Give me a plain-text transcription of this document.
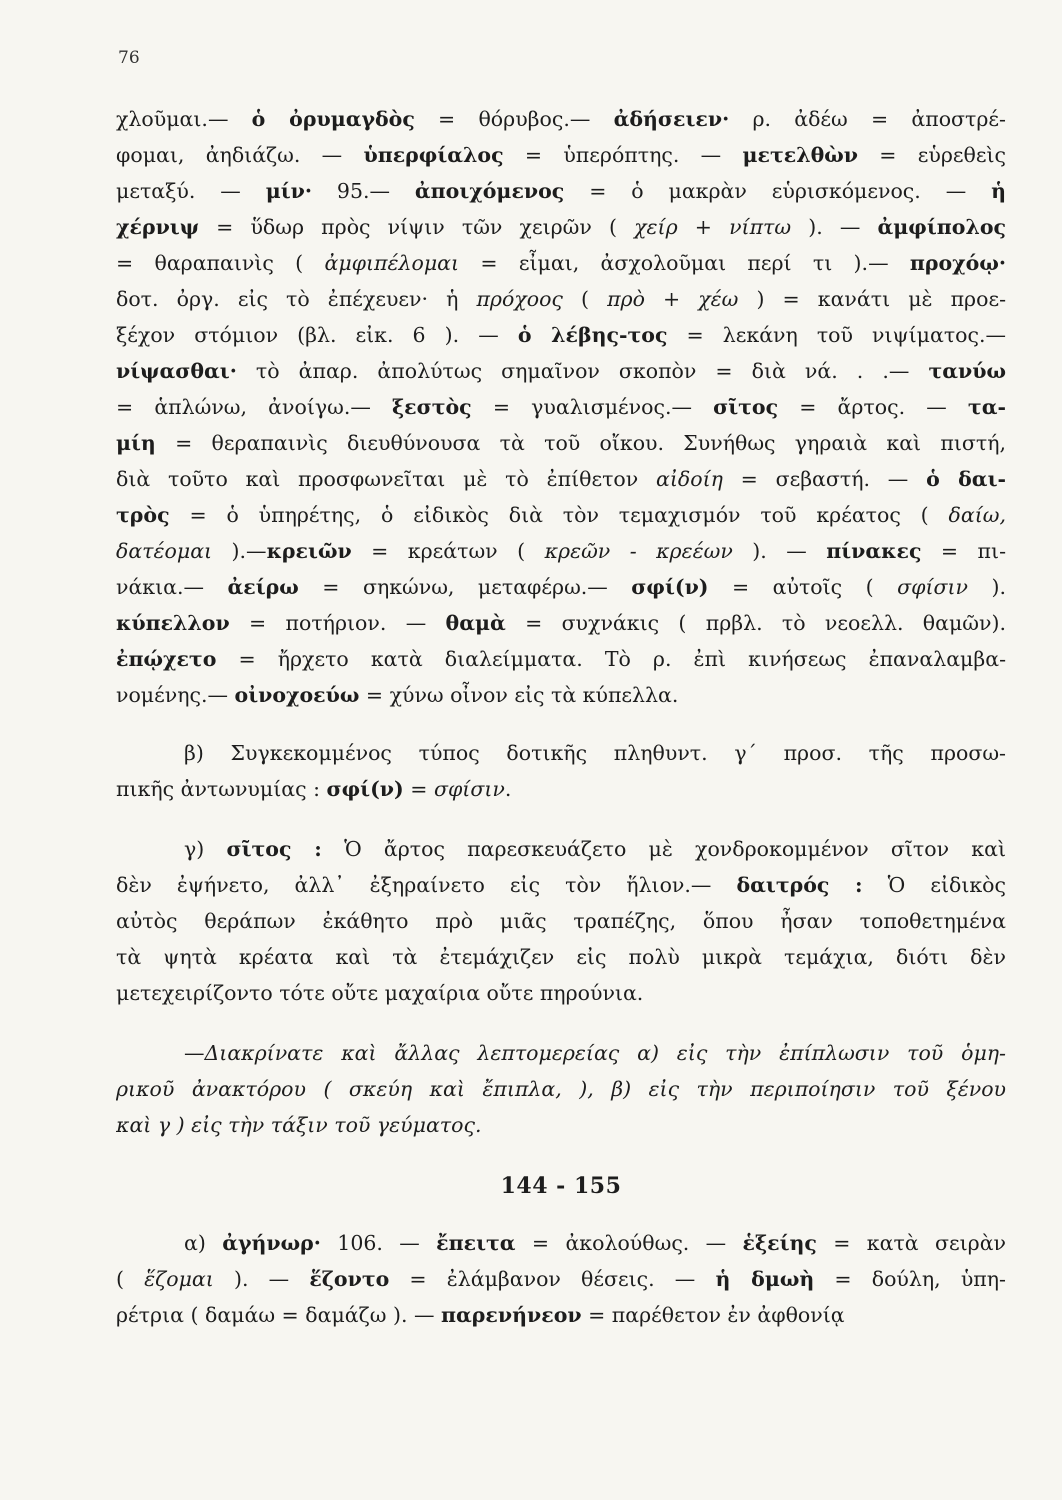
76
χλοῦμαι.— ὁ ὀρυμαγδὸς = θόρυβος.— ἀδήσειεν· ρ. ἀδέω = ἀποστρέ-
φομαι, ἀηδιάζω. — ὑπερφίαλος = ὑπερόπτης. — μετελθὼν = εὑρεθεὶς
μεταξύ. — μίν· 95.— ἀποιχόμενος = ὁ μακρὰν εὑρισκόμενος. — ἡ
χέρνιψ = ὕδωρ πρὸς νίψιν τῶν χειρῶν ( χείρ + νίπτω ). — ἀμφίπολος
= θαραπαινὶς ( ἀμφιπέλομαι = εἶμαι, ἀσχολοῦμαι περί τι ).— προχόῳ·
δοτ. ὀργ. εἰς τὸ ἐπέχευεν· ἡ πρόχοος ( πρὸ + χέω ) = κανάτι μὲ προε-
ξέχον στόμιον (βλ. εἰκ. 6 ). — ὁ λέβης-τος = λεκάνη τοῦ νιψίματος.—
νίψασθαι· τὸ ἀπαρ. ἀπολύτως σημαῖνον σκοπὸν = διὰ νά. . .— τανύω
= ἁπλώνω, ἀνοίγω.— ξεστὸς = γυαλισμένος.— σῖτος = ἄρτος. — τα-
μίη = θεραπαινὶς διευθύνουσα τὰ τοῦ οἴκου. Συνήθως γηραιὰ καὶ πιστή,
διὰ τοῦτο καὶ προσφωνεῖται μὲ τὸ ἐπίθετον αἰδοίη = σεβαστή. — ὁ δαι-
τρὸς = ὁ ὑπηρέτης, ὁ εἰδικὸς διὰ τὸν τεμαχισμόν τοῦ κρέατος ( δαίω,
δατέομαι ).—κρειῶν = κρεάτων ( κρεῶν - κρεέων ). — πίνακες = πι-
νάκια.— ἀείρω = σηκώνω, μεταφέρω.— σφί(ν) = αὐτοῖς ( σφίσιν ).
κύπελλον = ποτήριον. — θαμὰ = συχνάκις ( πρβλ. τὸ νεοελλ. θαμῶν).
ἐπῴχετο = ἤρχετο κατὰ διαλείμματα. Τὸ ρ. ἐπὶ κινήσεως ἐπαναλαμβα-
νομένης.— οἰνοχοεύω = χύνω οἶνον εἰς τὰ κύπελλα.
β) Συγκεκομμένος τύπος δοτικῆς πληθυντ. γ΄ προσ. τῆς προσω-
πικῆς ἀντωνυμίας : σφί(ν) = σφίσιν.
γ) σῖτος : Ὁ ἄρτος παρεσκευάζετο μὲ χονδροκομμένον σῖτον καὶ
δὲν ἐψήνετο, ἀλλ᾽ ἐξηραίνετο εἰς τὸν ἥλιον.— δαιτρός : Ὁ εἰδικὸς
αὐτὸς θεράπων ἐκάθητο πρὸ μιᾶς τραπέζης, ὅπου ἦσαν τοποθετημένα
τὰ ψητὰ κρέατα καὶ τὰ ἐτεμάχιζεν εἰς πολὺ μικρὰ τεμάχια, διότι δὲν
μετεχειρίζοντο τότε οὔτε μαχαίρια οὔτε πηρούνια.
—Διακρίνατε καὶ ἄλλας λεπτομερείας α) εἰς τὴν ἐπίπλωσιν τοῦ ὁμη-
ρικοῦ ἀνακτόρου ( σκεύη καὶ ἔπιπλα, ), β) εἰς τὴν περιποίησιν τοῦ ξένου
καὶ γ ) εἰς τὴν τάξιν τοῦ γεύματος.
144 - 155
α) ἀγήνωρ· 106. — ἔπειτα = ἀκολούθως. — ἑξείης = κατὰ σειρὰν
( ἕζομαι ). — ἕζοντο = ἐλάμβανον θέσεις. — ἡ δμωὴ = δούλη, ὑπη-
ρέτρια ( δαμάω = δαμάζω ). — παρενήνεον = παρέθετον ἐν ἀφθονίᾳ
